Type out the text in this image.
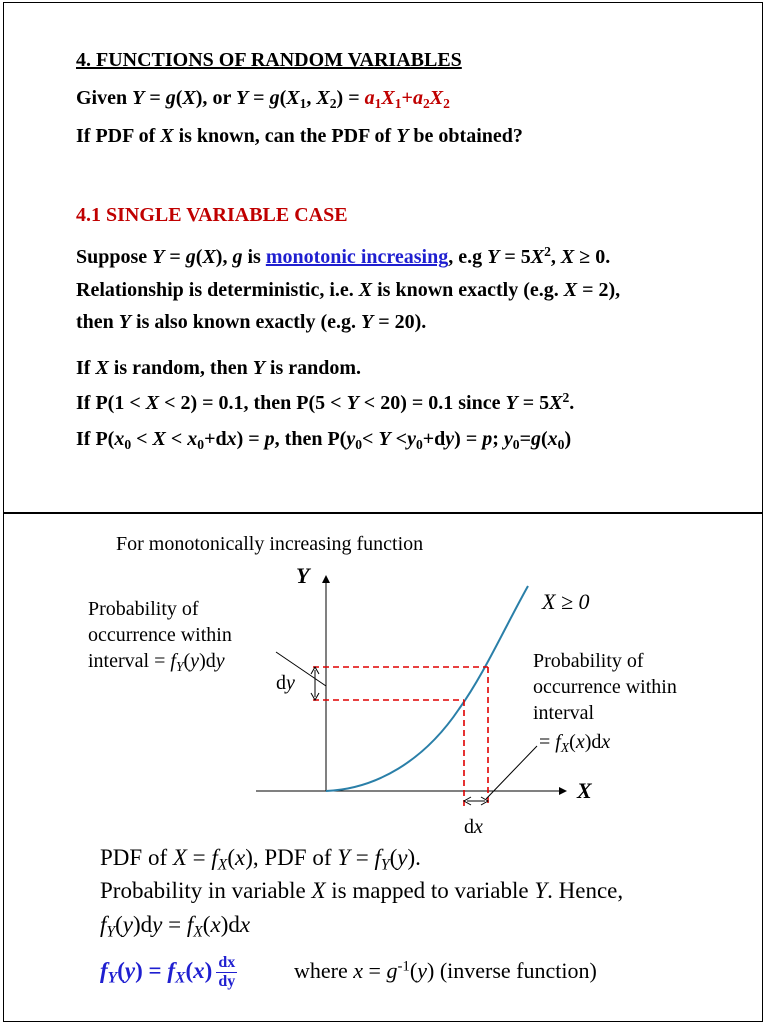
4. FUNCTIONS OF RANDOM VARIABLES
Given Y = g(X), or $Y = g(X_1$, $X_2) = a_1X_1+a_2X_2$
If PDF of X is known, can the PDF of Y be obtained?
4.1 SINGLE VARIABLE CASE
Suppose Y = g(X), g is monotonic increasing, e.g $Y = 5X^2$, X ≥ 0.
Relationship is deterministic, i.e. X is known exactly (e.g. X = 2),
then Y is also known exactly (e.g. Y = 20).
If X is random, then Y is random.
If P(1 < X < 2) = 0.1, then P(5 < Y < 20) = 0.1 since $Y = 5X^2$.
If $P(x_0 < X < x_0+dx) = p$, then $P(y_0< Y <y_0+dy) = p$; $y_0=g(x_0)$
For monotonically increasing function
Y
X
X ≥ 0
Probability of
occurrence within
interval = $f_Y(y)dy$
dy
dx
Probability of
occurrence within
interval
= $f_X(x)dx$
PDF of $X = f_X(x)$, PDF of $Y = f_Y(y)$.
Probability in variable X is mapped to variable Y. Hence,
$f_Y(y)dy = f_X(x)dx$
$f_Y(y) = f_X(x) \frac{dx}{dy}$	where $x = g^{-1}(y)$ (inverse function)
